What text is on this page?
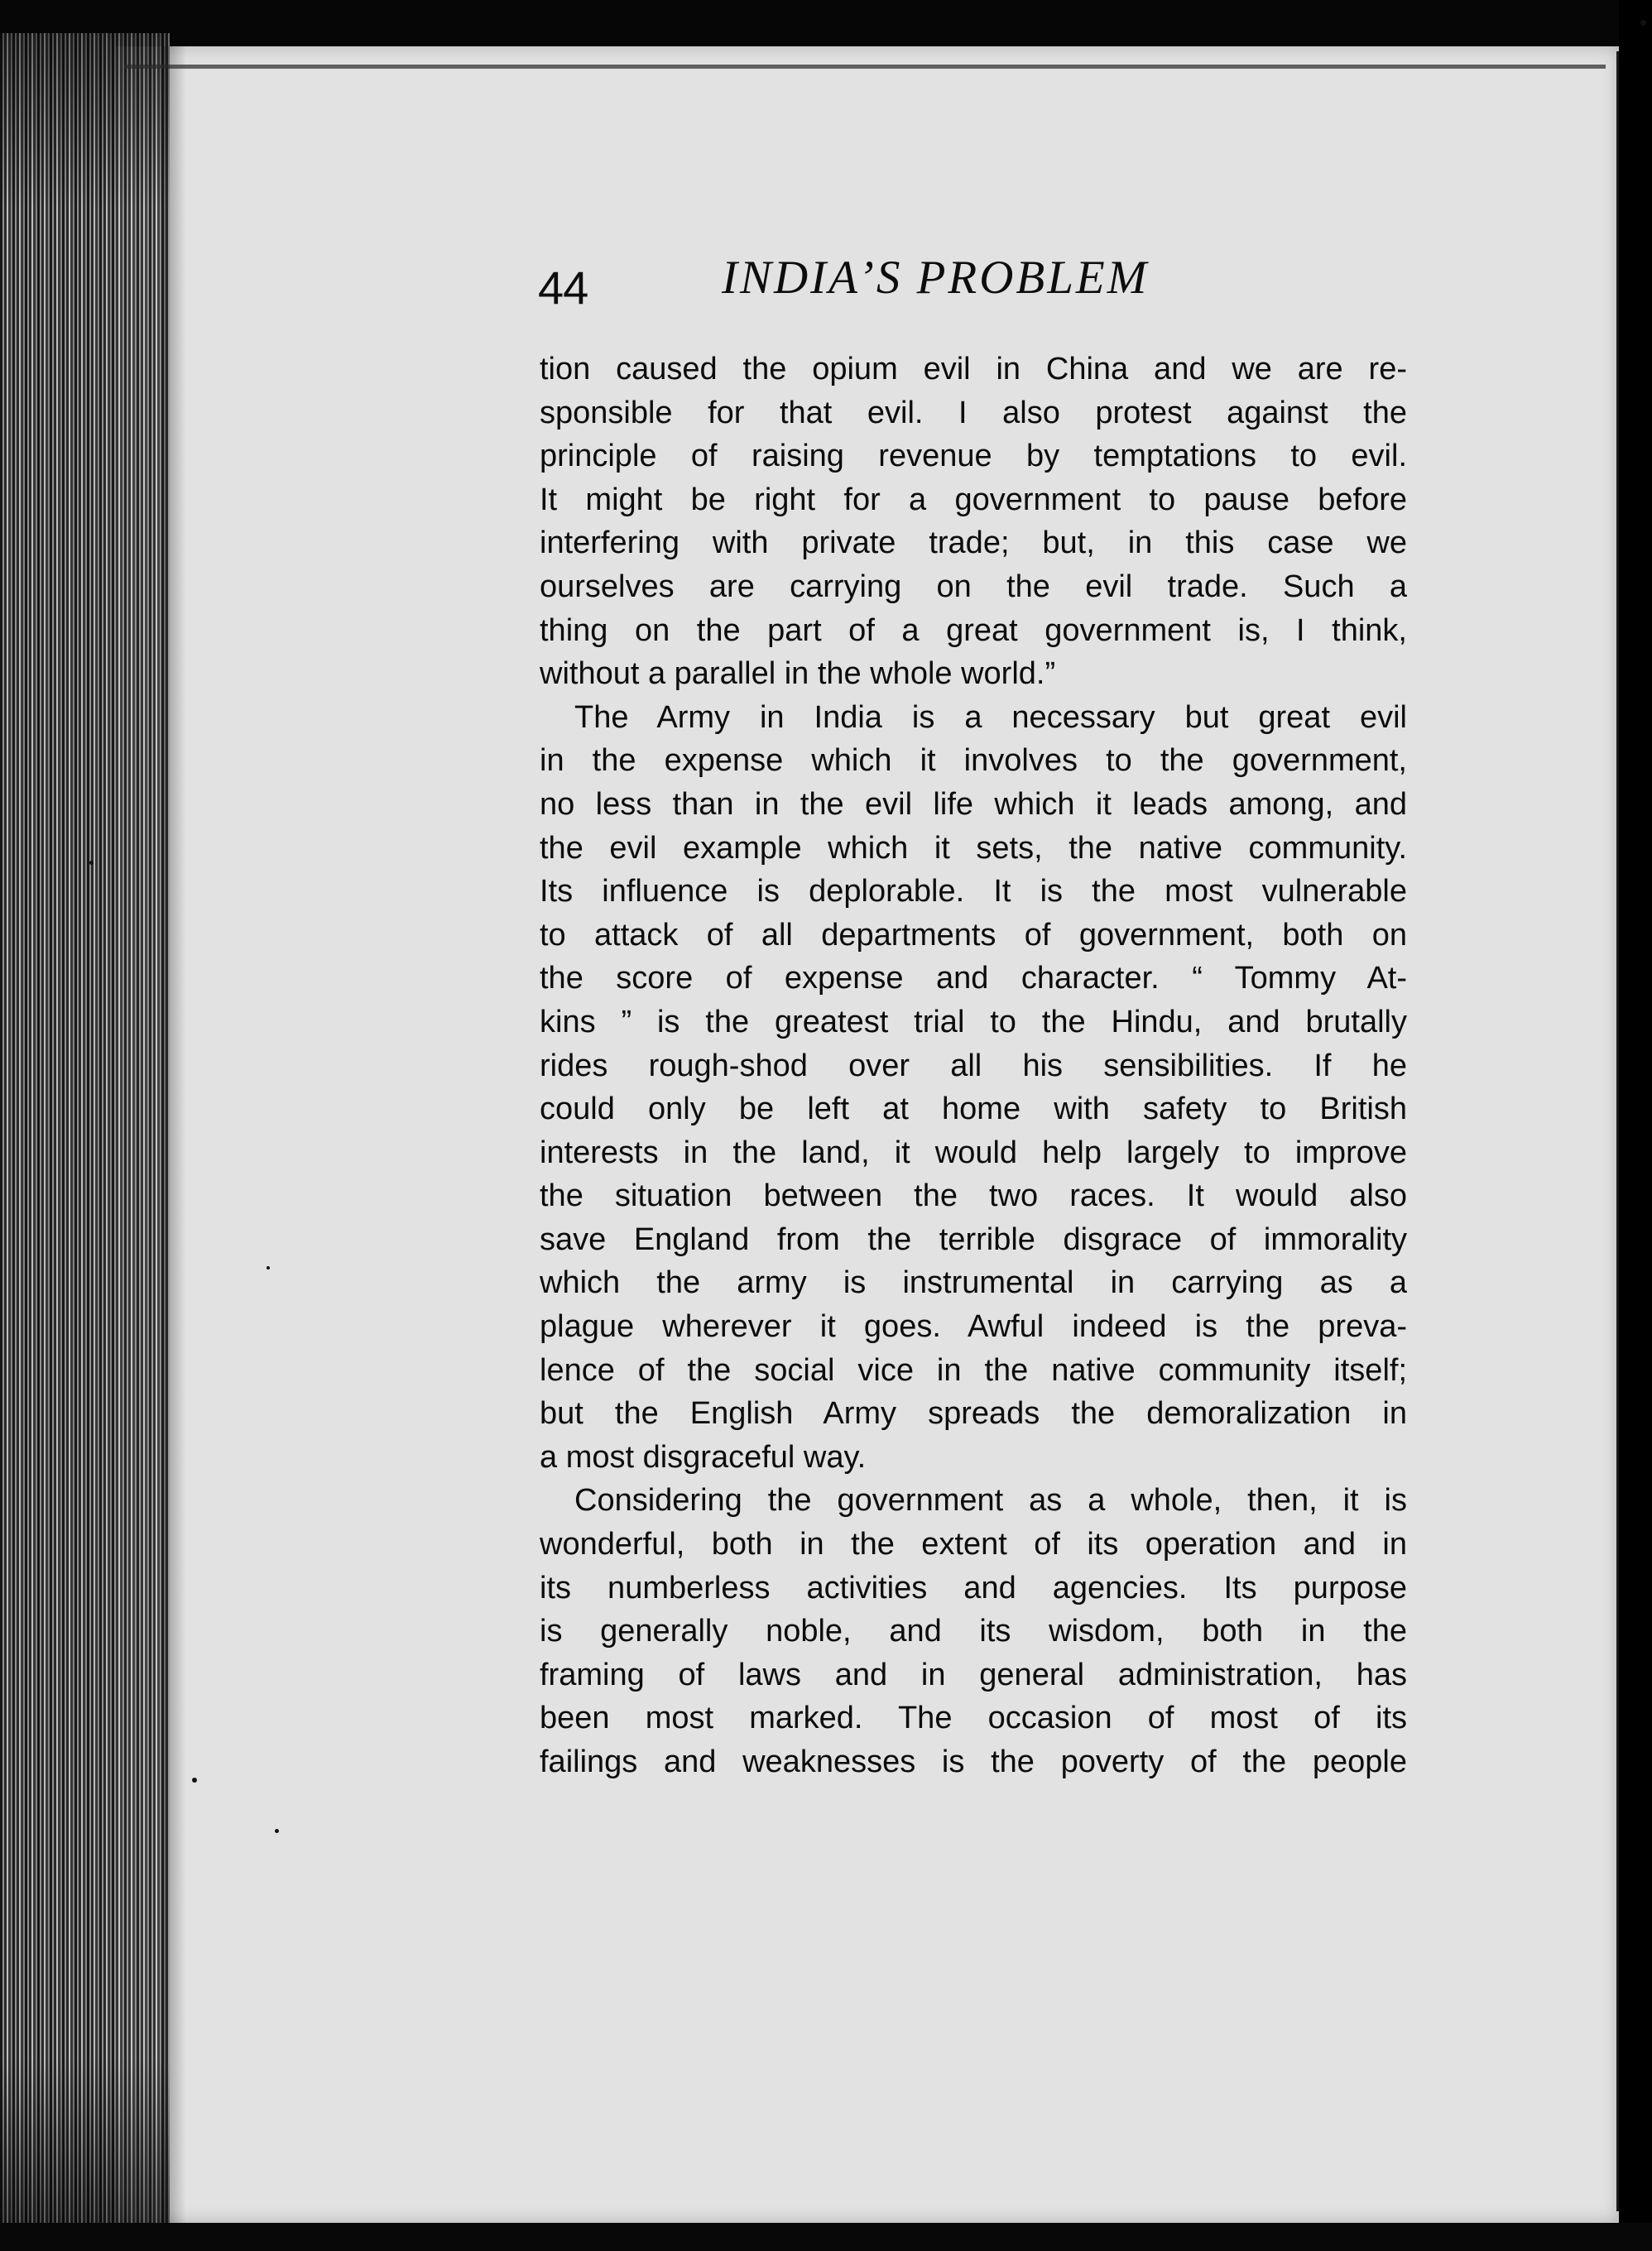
44	INDIA’S PROBLEM
tion caused the opium evil in China and we are re-
sponsible for that evil. I also protest against the
principle of raising revenue by temptations to evil.
It might be right for a government to pause before
interfering with private trade; but, in this case we
ourselves are carrying on the evil trade. Such a
thing on the part of a great government is, I think,
without a parallel in the whole world.”
The Army in India is a necessary but great evil
in the expense which it involves to the government,
no less than in the evil life which it leads among, and
the evil example which it sets, the native community.
Its influence is deplorable. It is the most vulnerable
to attack of all departments of government, both on
the score of expense and character. “ Tommy At-
kins ” is the greatest trial to the Hindu, and brutally
rides rough-shod over all his sensibilities. If he
could only be left at home with safety to British
interests in the land, it would help largely to improve
the situation between the two races. It would also
save England from the terrible disgrace of immorality
which the army is instrumental in carrying as a
plague wherever it goes. Awful indeed is the preva-
lence of the social vice in the native community itself;
but the English Army spreads the demoralization in
a most disgraceful way.
Considering the government as a whole, then, it is
wonderful, both in the extent of its operation and in
its numberless activities and agencies. Its purpose
is generally noble, and its wisdom, both in the
framing of laws and in general administration, has
been most marked. The occasion of most of its
failings and weaknesses is the poverty of the people
